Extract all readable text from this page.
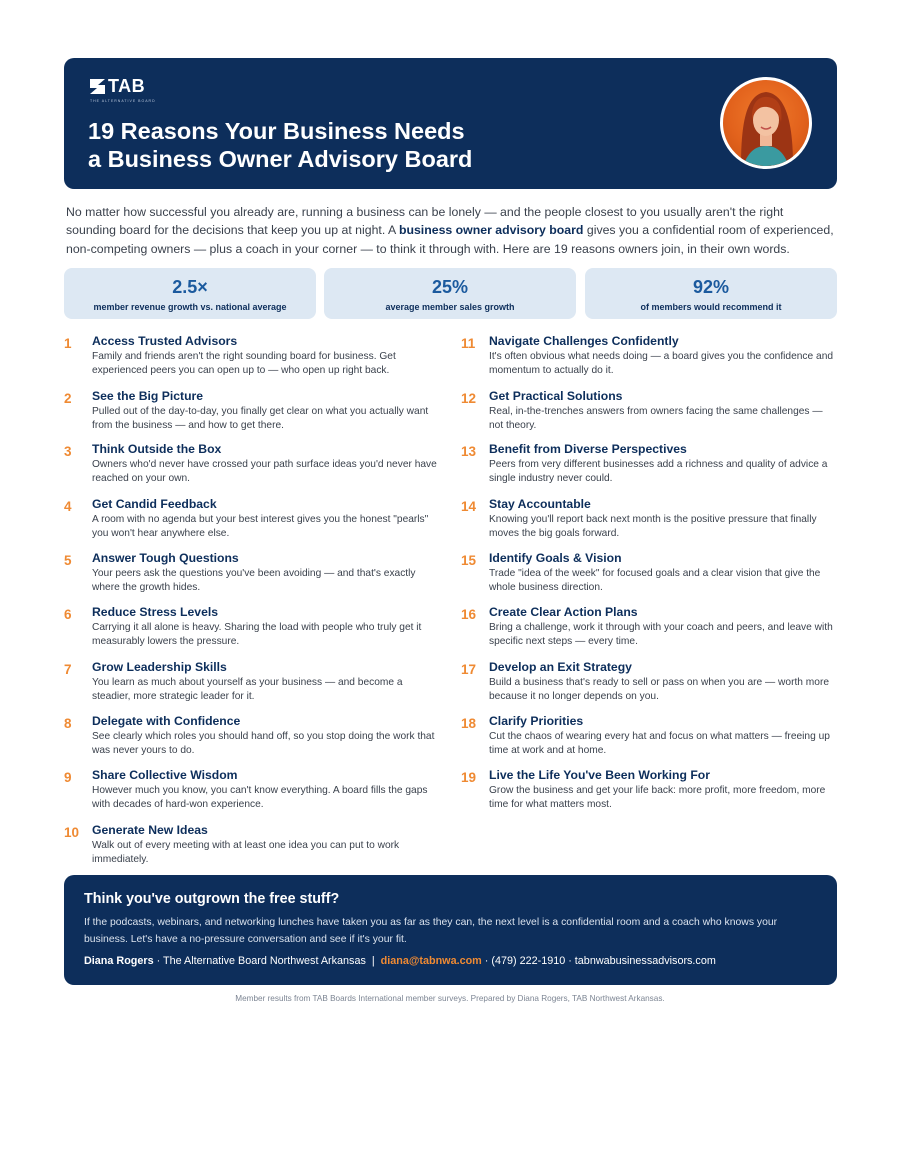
TAB
THE ALTERNATIVE BOARD
19 Reasons Your Business Needs
a Business Owner Advisory Board
No matter how successful you already are, running a business can be lonely — and the people closest to you usually aren't the right sounding board for the decisions that keep you up at night. A business owner advisory board gives you a confidential room of experienced, non-competing owners — plus a coach in your corner — to think it through with. Here are 19 reasons owners join, in their own words.
2.5×
member revenue growth vs. national average
25%
average member sales growth
92%
of members would recommend it
1 Access Trusted Advisors
Family and friends aren't the right sounding board for business. Get experienced peers you can open up to — who open up right back.
2 See the Big Picture
Pulled out of the day-to-day, you finally get clear on what you actually want from the business — and how to get there.
3 Think Outside the Box
Owners who'd never have crossed your path surface ideas you'd never have reached on your own.
4 Get Candid Feedback
A room with no agenda but your best interest gives you the honest "pearls" you won't hear anywhere else.
5 Answer Tough Questions
Your peers ask the questions you've been avoiding — and that's exactly where the growth hides.
6 Reduce Stress Levels
Carrying it all alone is heavy. Sharing the load with people who truly get it measurably lowers the pressure.
7 Grow Leadership Skills
You learn as much about yourself as your business — and become a steadier, more strategic leader for it.
8 Delegate with Confidence
See clearly which roles you should hand off, so you stop doing the work that was never yours to do.
9 Share Collective Wisdom
However much you know, you can't know everything. A board fills the gaps with decades of hard-won experience.
10 Generate New Ideas
Walk out of every meeting with at least one idea you can put to work immediately.
11 Navigate Challenges Confidently
It's often obvious what needs doing — a board gives you the confidence and momentum to actually do it.
12 Get Practical Solutions
Real, in-the-trenches answers from owners facing the same challenges — not theory.
13 Benefit from Diverse Perspectives
Peers from very different businesses add a richness and quality of advice a single industry never could.
14 Stay Accountable
Knowing you'll report back next month is the positive pressure that finally moves the big goals forward.
15 Identify Goals & Vision
Trade "idea of the week" for focused goals and a clear vision that give the whole business direction.
16 Create Clear Action Plans
Bring a challenge, work it through with your coach and peers, and leave with specific next steps — every time.
17 Develop an Exit Strategy
Build a business that's ready to sell or pass on when you are — worth more because it no longer depends on you.
18 Clarify Priorities
Cut the chaos of wearing every hat and focus on what matters — freeing up time at work and at home.
19 Live the Life You've Been Working For
Grow the business and get your life back: more profit, more freedom, more time for what matters most.
Think you've outgrown the free stuff?
If the podcasts, webinars, and networking lunches have taken you as far as they can, the next level is a confidential room and a coach who knows your business. Let's have a no-pressure conversation and see if it's your fit.
Diana Rogers · The Alternative Board Northwest Arkansas  |  diana@tabnwa.com · (479) 222-1910 · tabnwabusinessadvisors.com
Member results from TAB Boards International member surveys. Prepared by Diana Rogers, TAB Northwest Arkansas.
